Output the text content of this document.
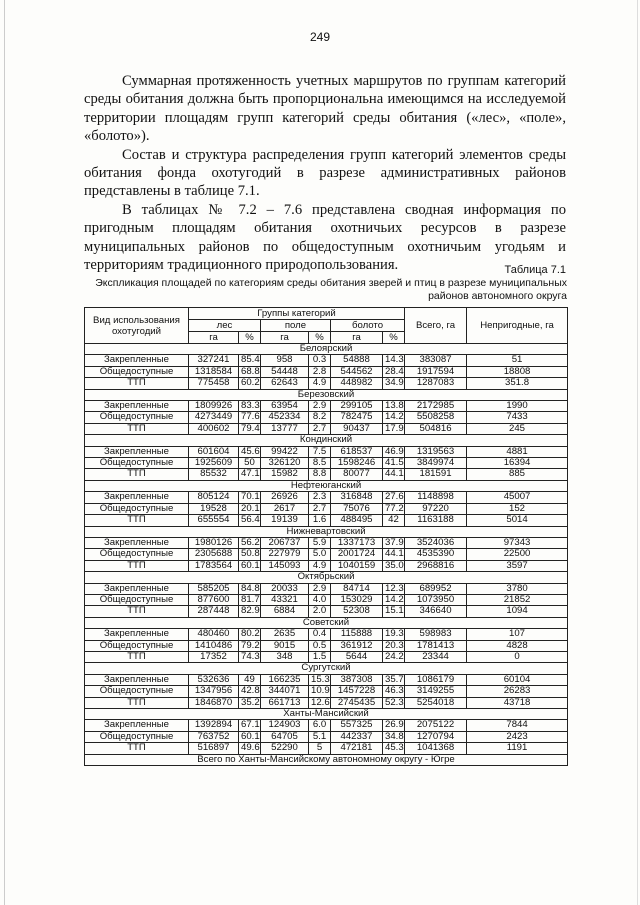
249

Суммарная протяженность учетных маршрутов по группам категорий среды обитания должна быть пропорциональна имеющимся на исследуемой территории площадям групп категорий среды обитания («лес», «поле», «болото»).

Состав и структура распределения групп категорий элементов среды обитания фонда охотугодий в разрезе административных районов представлены в таблице 7.1.

В таблицах № 7.2 – 7.6 представлена сводная информация по пригодным площадям обитания охотничьих ресурсов в разрезе муниципальных районов по общедоступным охотничьим угодьям и территориям традиционного природопользования.	Таблица 7.1
Экспликация площадей по категориям среды обитания зверей и птиц в разрезе муниципальных районов автономного округа
Вид использования охотугодий	Группы категорий						Всего, га	Непригодные, га
	лес		поле		болото			
	га	%	га	%	га	%		
Белоярский								
Закрепленные	327241	85.4	958	0.3	54888	14.3	383087	51
Общедоступные	1318584	68.8	54448	2.8	544562	28.4	1917594	18808
ТТП	775458	60.2	62643	4.9	448982	34.9	1287083	351.8
Березовский								
Закрепленные	1809926	83.3	63954	2.9	299105	13.8	2172985	1990
Общедоступные	4273449	77.6	452334	8.2	782475	14.2	5508258	7433
ТТП	400602	79.4	13777	2.7	90437	17.9	504816	245
Кондинский								
Закрепленные	601604	45.6	99422	7.5	618537	46.9	1319563	4881
Общедоступные	1925609	50	326120	8.5	1598246	41.5	3849974	16394
ТТП	85532	47.1	15982	8.8	80077	44.1	181591	885
Нефтеюганский								
Закрепленные	805124	70.1	26926	2.3	316848	27.6	1148898	45007
Общедоступные	19528	20.1	2617	2.7	75076	77.2	97220	152
ТТП	655554	56.4	19139	1.6	488495	42	1163188	5014
Нижневартовский								
Закрепленные	1980126	56.2	206737	5.9	1337173	37.9	3524036	97343
Общедоступные	2305688	50.8	227979	5.0	2001724	44.1	4535390	22500
ТТП	1783564	60.1	145093	4.9	1040159	35.0	2968816	3597
Октябрьский								
Закрепленные	585205	84.8	20033	2.9	84714	12.3	689952	3780
Общедоступные	877600	81.7	43321	4.0	153029	14.2	1073950	21852
ТТП	287448	82.9	6884	2.0	52308	15.1	346640	1094
Советский								
Закрепленные	480460	80.2	2635	0.4	115888	19.3	598983	107
Общедоступные	1410486	79.2	9015	0.5	361912	20.3	1781413	4828
ТТП	17352	74.3	348	1.5	5644	24.2	23344	0
Сургутский								
Закрепленные	532636	49	166235	15.3	387308	35.7	1086179	60104
Общедоступные	1347956	42.8	344071	10.9	1457228	46.3	3149255	26283
ТТП	1846870	35.2	661713	12.6	2745435	52.3	5254018	43718
Ханты-Мансийский								
Закрепленные	1392894	67.1	124903	6.0	557325	26.9	2075122	7844
Общедоступные	763752	60.1	64705	5.1	442337	34.8	1270794	2423
ТТП	516897	49.6	52290	5	472181	45.3	1041368	1191
Всего по Ханты-Мансийскому автономному округу - Югре								
